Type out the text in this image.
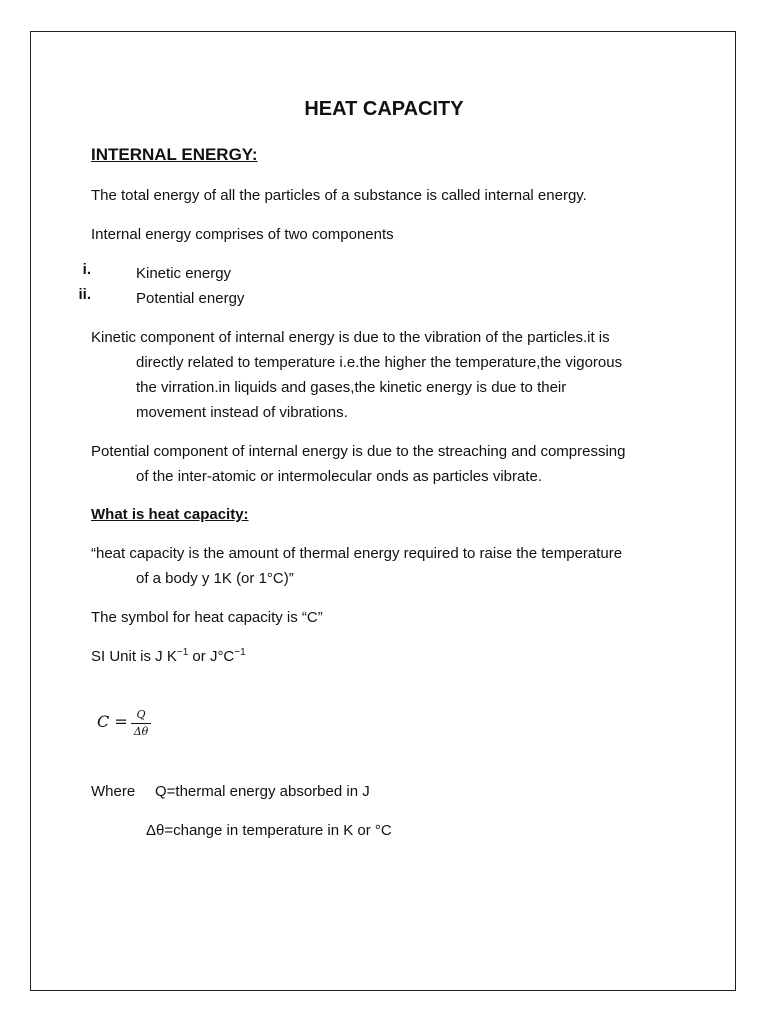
HEAT CAPACITY
INTERNAL ENERGY:
The total energy of all the particles of a substance is called internal energy.
Internal energy comprises of two components
i.	Kinetic energy
ii.	Potential energy
Kinetic component of internal energy is due to the vibration of the particles.it is
directly related to temperature i.e.the higher the temperature,the vigorous
the virration.in liquids and gases,the kinetic energy is due to their
movement instead of vibrations.
Potential component of internal energy is due to the streaching and compressing
of the inter-atomic or intermolecular onds as particles vibrate.
What is heat capacity:
“heat capacity is the amount of thermal energy required to raise the temperature
of a body y 1K (or 1°C)”
The symbol for heat capacity is “C”
SI Unit is J $K^{-1}$ or $J^\circ C^{-1}$
C = Q
Δθ
Where Q=thermal energy absorbed in J
Δθ=change in temperature in K or °C
